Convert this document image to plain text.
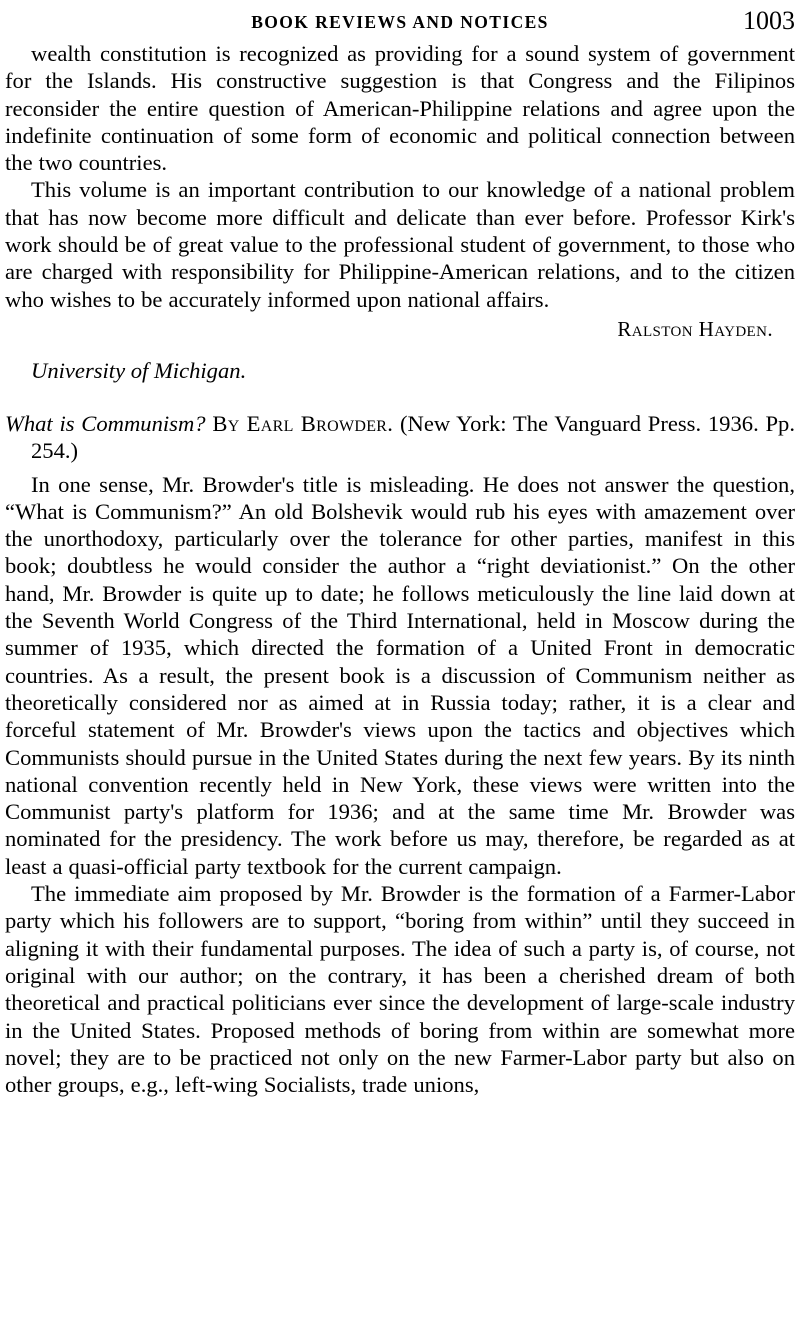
BOOK REVIEWS AND NOTICES	1003

wealth constitution is recognized as providing for a sound system of government for the Islands. His constructive suggestion is that Congress and the Filipinos reconsider the entire question of American-Philippine relations and agree upon the indefinite continuation of some form of economic and political connection between the two countries.

This volume is an important contribution to our knowledge of a national problem that has now become more difficult and delicate than ever before. Professor Kirk's work should be of great value to the professional student of government, to those who are charged with responsibility for Philippine-American relations, and to the citizen who wishes to be accurately informed upon national affairs.

Ralston Hayden.
University of Michigan.
What is Communism? By Earl Browder. (New York: The Vanguard Press. 1936. Pp. 254.)

In one sense, Mr. Browder's title is misleading. He does not answer the question, “What is Communism?” An old Bolshevik would rub his eyes with amazement over the unorthodoxy, particularly over the tolerance for other parties, manifest in this book; doubtless he would consider the author a “right deviationist.” On the other hand, Mr. Browder is quite up to date; he follows meticulously the line laid down at the Seventh World Congress of the Third International, held in Moscow during the summer of 1935, which directed the formation of a United Front in democratic countries. As a result, the present book is a discussion of Communism neither as theoretically considered nor as aimed at in Russia today; rather, it is a clear and forceful statement of Mr. Browder's views upon the tactics and objectives which Communists should pursue in the United States during the next few years. By its ninth national convention recently held in New York, these views were written into the Communist party's platform for 1936; and at the same time Mr. Browder was nominated for the presidency. The work before us may, therefore, be regarded as at least a quasi-official party textbook for the current campaign.

The immediate aim proposed by Mr. Browder is the formation of a Farmer-Labor party which his followers are to support, “boring from within” until they succeed in aligning it with their fundamental purposes. The idea of such a party is, of course, not original with our author; on the contrary, it has been a cherished dream of both theoretical and practical politicians ever since the development of large-scale industry in the United States. Proposed methods of boring from within are somewhat more novel; they are to be practiced not only on the new Farmer-Labor party but also on other groups, e.g., left-wing Socialists, trade unions,
